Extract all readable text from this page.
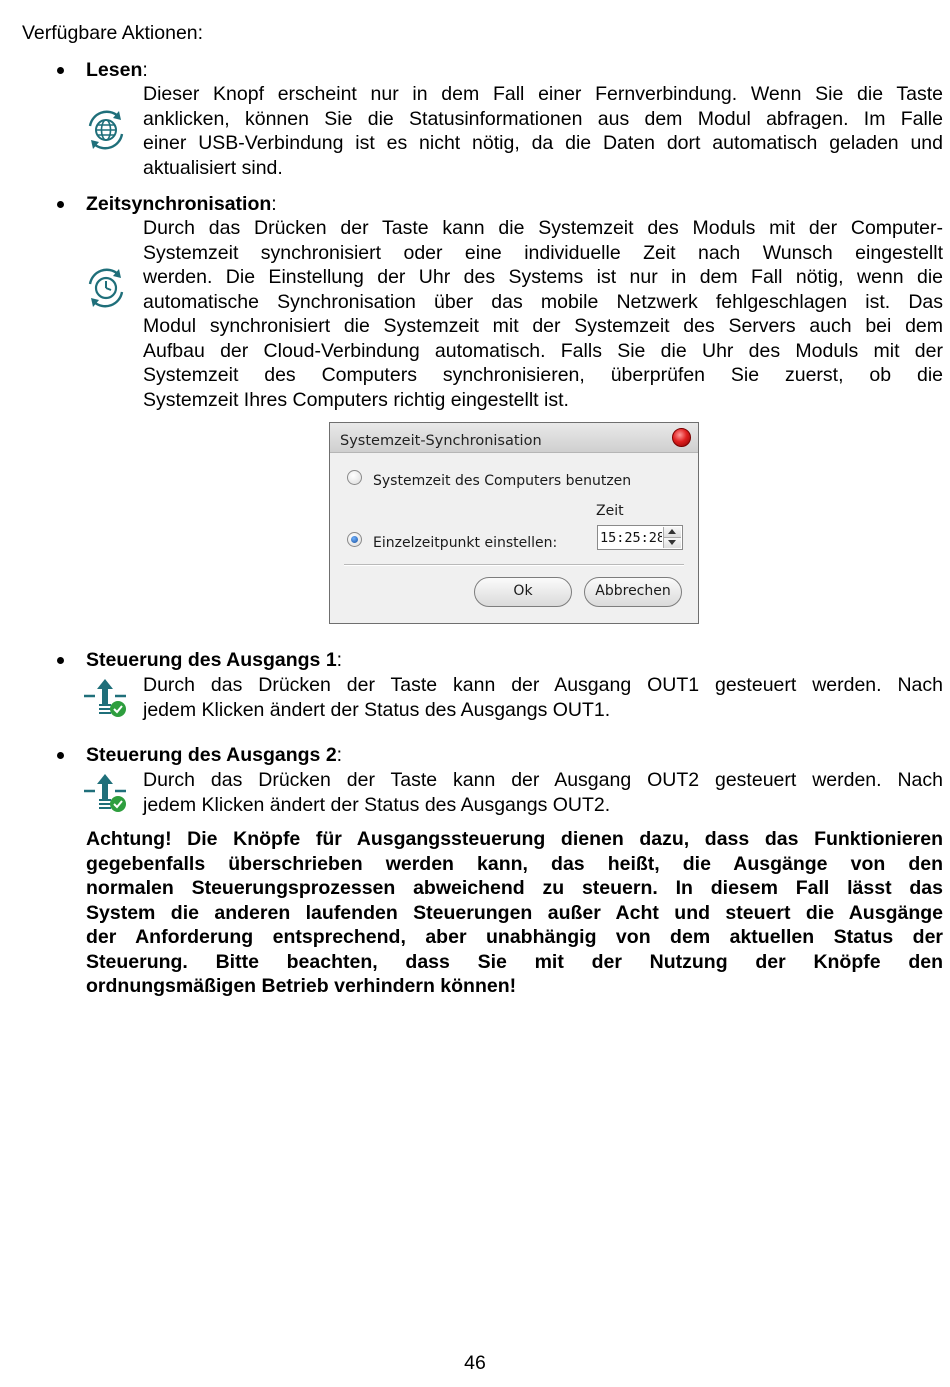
Verfügbare Aktionen:
Lesen:
Dieser Knopf erscheint nur in dem Fall einer Fernverbindung. Wenn Sie die Taste
anklicken, können Sie die Statusinformationen aus dem Modul abfragen. Im Falle
einer USB-Verbindung ist es nicht nötig, da die Daten dort automatisch geladen und
aktualisiert sind.
Zeitsynchronisation:
Durch das Drücken der Taste kann die Systemzeit des Moduls mit der Computer-
Systemzeit synchronisiert oder eine individuelle Zeit nach Wunsch eingestellt
werden. Die Einstellung der Uhr des Systems ist nur in dem Fall nötig, wenn die
automatische Synchronisation über das mobile Netzwerk fehlgeschlagen ist. Das
Modul synchronisiert die Systemzeit mit der Systemzeit des Servers auch bei dem
Aufbau der Cloud-Verbindung automatisch. Falls Sie die Uhr des Moduls mit der
Systemzeit des Computers synchronisieren, überprüfen Sie zuerst, ob die
Systemzeit Ihres Computers richtig eingestellt ist.
Systemzeit-Synchronisation
Systemzeit des Computers benutzen
Zeit
Einzelzeitpunkt einstellen:
15:25:28
Ok	Abbrechen
Steuerung des Ausgangs 1:
Durch das Drücken der Taste kann der Ausgang OUT1 gesteuert werden. Nach
jedem Klicken ändert der Status des Ausgangs OUT1.
Steuerung des Ausgangs 2:
Durch das Drücken der Taste kann der Ausgang OUT2 gesteuert werden. Nach
jedem Klicken ändert der Status des Ausgangs OUT2.
Achtung! Die Knöpfe für Ausgangssteuerung dienen dazu, dass das Funktionieren
gegebenfalls überschrieben werden kann, das heißt, die Ausgänge von den
normalen Steuerungsprozessen abweichend zu steuern. In diesem Fall lässt das
System die anderen laufenden Steuerungen außer Acht und steuert die Ausgänge
der Anforderung entsprechend, aber unabhängig von dem aktuellen Status der
Steuerung. Bitte beachten, dass Sie mit der Nutzung der Knöpfe den
ordnungsmäßigen Betrieb verhindern können!
46
